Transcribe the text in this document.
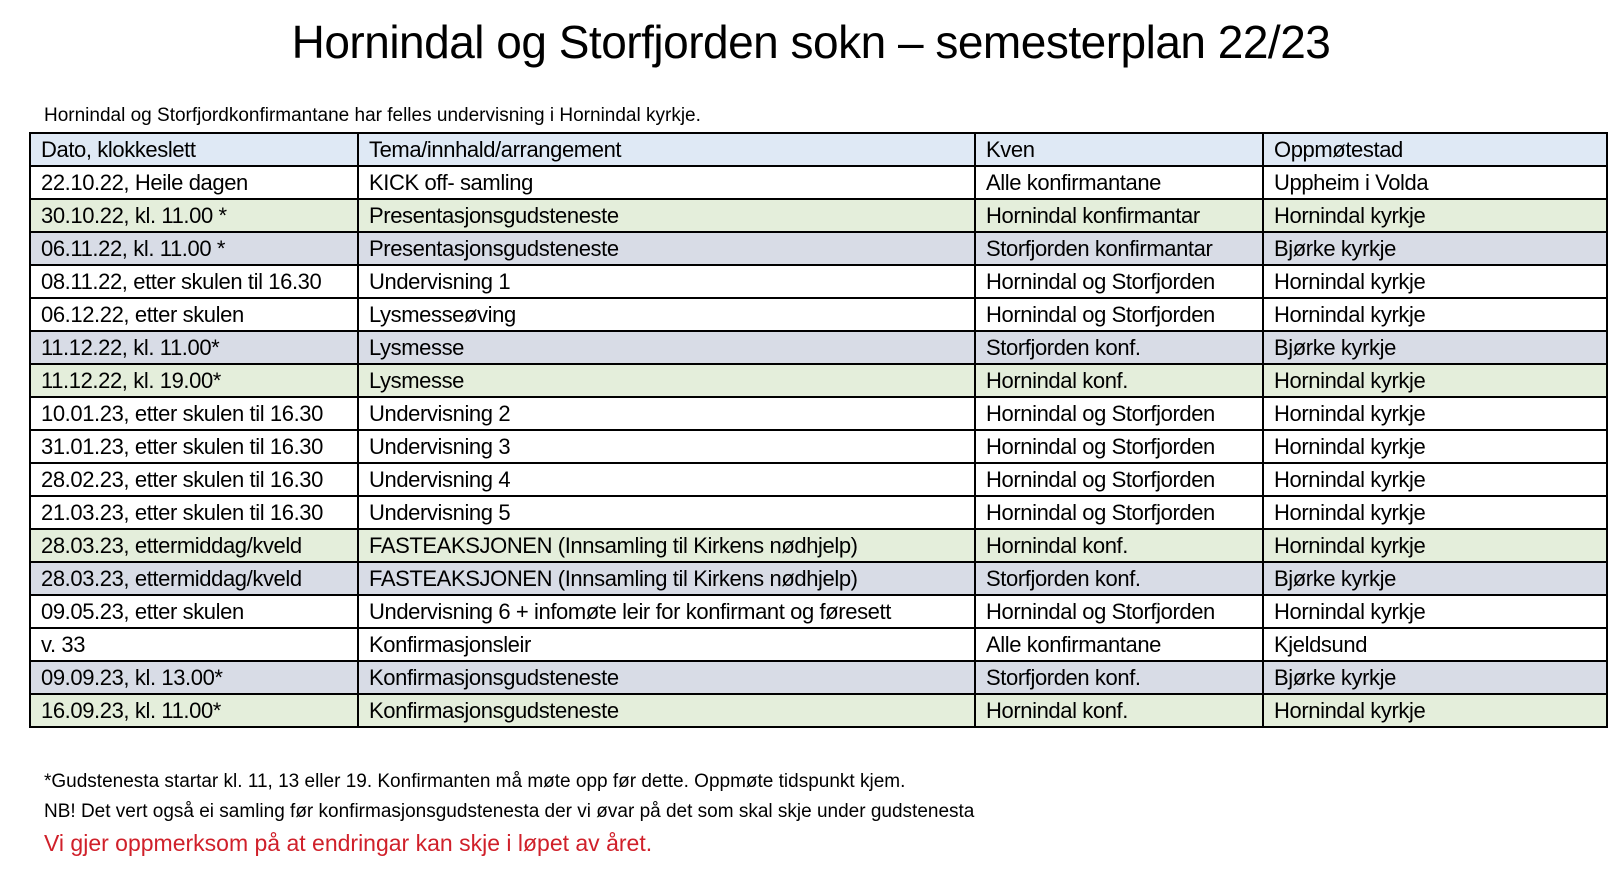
Hornindal og Storfjorden sokn – semesterplan 22/23
Hornindal og Storfjordkonfirmantane har felles undervisning i Hornindal kyrkje.
Dato, klokkeslett	Tema/innhald/arrangement	Kven	Oppmøtestad
22.10.22, Heile dagen	KICK off- samling	Alle konfirmantane	Uppheim i Volda
30.10.22, kl. 11.00 *	Presentasjonsgudsteneste	Hornindal konfirmantar	Hornindal kyrkje
06.11.22, kl. 11.00 *	Presentasjonsgudsteneste	Storfjorden konfirmantar	Bjørke kyrkje
08.11.22, etter skulen til 16.30	Undervisning 1	Hornindal og Storfjorden	Hornindal kyrkje
06.12.22, etter skulen	Lysmesseøving	Hornindal og Storfjorden	Hornindal kyrkje
11.12.22, kl. 11.00*	Lysmesse	Storfjorden konf.	Bjørke kyrkje
11.12.22, kl. 19.00*	Lysmesse	Hornindal konf.	Hornindal kyrkje
10.01.23, etter skulen til 16.30	Undervisning 2	Hornindal og Storfjorden	Hornindal kyrkje
31.01.23, etter skulen til 16.30	Undervisning 3	Hornindal og Storfjorden	Hornindal kyrkje
28.02.23, etter skulen til 16.30	Undervisning 4	Hornindal og Storfjorden	Hornindal kyrkje
21.03.23, etter skulen til 16.30	Undervisning 5	Hornindal og Storfjorden	Hornindal kyrkje
28.03.23, ettermiddag/kveld	FASTEAKSJONEN (Innsamling til Kirkens nødhjelp)	Hornindal konf.	Hornindal kyrkje
28.03.23, ettermiddag/kveld	FASTEAKSJONEN (Innsamling til Kirkens nødhjelp)	Storfjorden konf.	Bjørke kyrkje
09.05.23, etter skulen	Undervisning 6 + infomøte leir for konfirmant og føresett	Hornindal og Storfjorden	Hornindal kyrkje
v. 33	Konfirmasjonsleir	Alle konfirmantane	Kjeldsund
09.09.23, kl. 13.00*	Konfirmasjonsgudsteneste	Storfjorden konf.	Bjørke kyrkje
16.09.23, kl. 11.00*	Konfirmasjonsgudsteneste	Hornindal konf.	Hornindal kyrkje
*Gudstenesta startar kl. 11, 13 eller 19. Konfirmanten må møte opp før dette. Oppmøte tidspunkt kjem.
NB! Det vert også ei samling før konfirmasjonsgudstenesta der vi øvar på det som skal skje under gudstenesta
Vi gjer oppmerksom på at endringar kan skje i løpet av året.
